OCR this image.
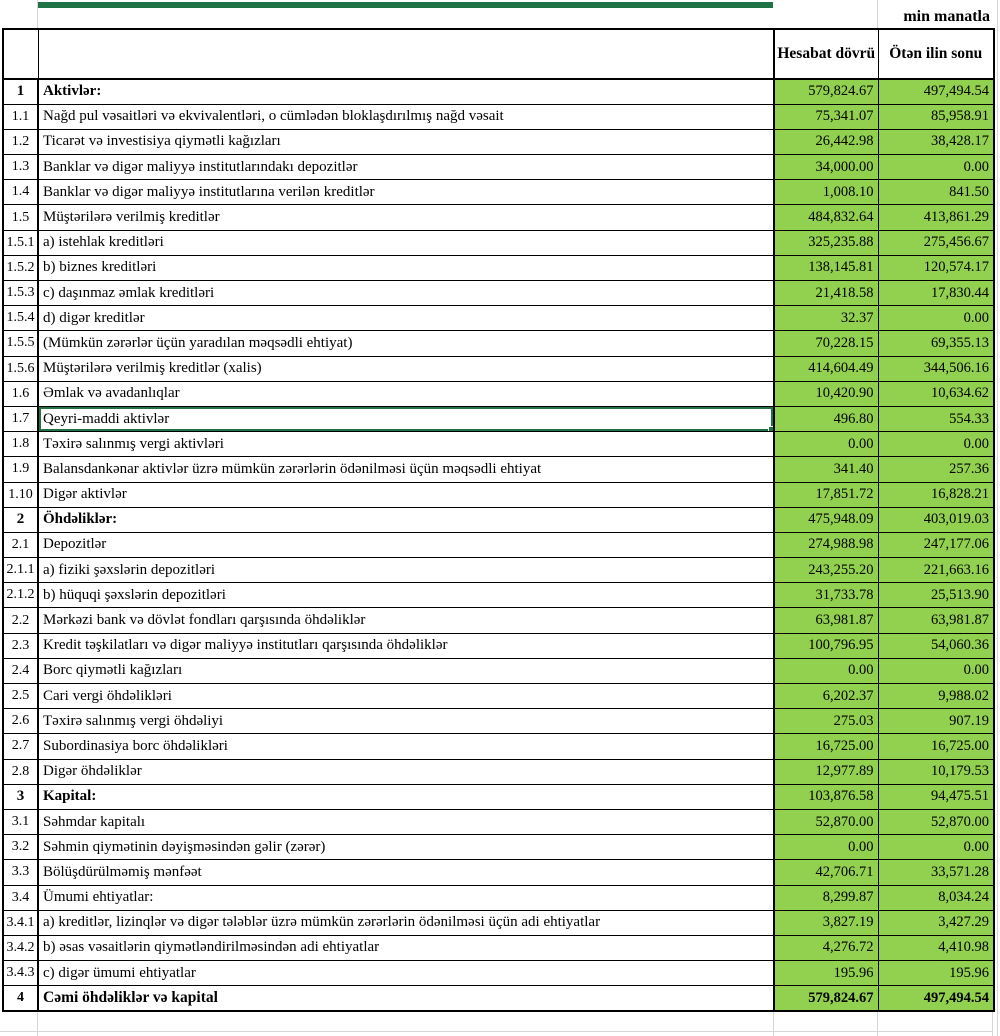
min manatla
		Hesabat dövrü	Ötən ilin sonu
1	Aktivlər:	579,824.67	497,494.54
1.1	Nağd pul vəsaitləri və ekvivalentləri, o cümlədən bloklaşdırılmış nağd vəsait	75,341.07	85,958.91
1.2	Ticarət və investisiya qiymətli kağızları	26,442.98	38,428.17
1.3	Banklar və digər maliyyə institutlarındakı depozitlər	34,000.00	0.00
1.4	Banklar və digər maliyyə institutlarına verilən kreditlər	1,008.10	841.50
1.5	Müştərilərə verilmiş kreditlər	484,832.64	413,861.29
1.5.1	a) istehlak kreditləri	325,235.88	275,456.67
1.5.2	b) biznes kreditləri	138,145.81	120,574.17
1.5.3	c) daşınmaz əmlak kreditləri	21,418.58	17,830.44
1.5.4	d) digər kreditlər	32.37	0.00
1.5.5	(Mümkün zərərlər üçün yaradılan məqsədli ehtiyat)	70,228.15	69,355.13
1.5.6	Müştərilərə verilmiş kreditlər (xalis)	414,604.49	344,506.16
1.6	Əmlak və avadanlıqlar	10,420.90	10,634.62
1.7	Qeyri-maddi aktivlər	496.80	554.33
1.8	Təxirə salınmış vergi aktivləri	0.00	0.00
1.9	Balansdankənar aktivlər üzrə mümkün zərərlərin ödənilməsi üçün məqsədli ehtiyat	341.40	257.36
1.10	Digər aktivlər	17,851.72	16,828.21
2	Öhdəliklər:	475,948.09	403,019.03
2.1	Depozitlər	274,988.98	247,177.06
2.1.1	a) fiziki şəxslərin depozitləri	243,255.20	221,663.16
2.1.2	b) hüquqi şəxslərin depozitləri	31,733.78	25,513.90
2.2	Mərkəzi bank və dövlət fondları qarşısında öhdəliklər	63,981.87	63,981.87
2.3	Kredit təşkilatları və digər maliyyə institutları qarşısında öhdəliklər	100,796.95	54,060.36
2.4	Borc qiymətli kağızları	0.00	0.00
2.5	Cari vergi öhdəlikləri	6,202.37	9,988.02
2.6	Təxirə salınmış vergi öhdəliyi	275.03	907.19
2.7	Subordinasiya borc öhdəlikləri	16,725.00	16,725.00
2.8	Digər öhdəliklər	12,977.89	10,179.53
3	Kapital:	103,876.58	94,475.51
3.1	Səhmdar kapitalı	52,870.00	52,870.00
3.2	Səhmin qiymətinin dəyişməsindən gəlir (zərər)	0.00	0.00
3.3	Bölüşdürülməmiş mənfəət	42,706.71	33,571.28
3.4	Ümumi ehtiyatlar:	8,299.87	8,034.24
3.4.1	a) kreditlər, lizinqlər və digər tələblər üzrə mümkün zərərlərin ödənilməsi üçün adi ehtiyatlar	3,827.19	3,427.29
3.4.2	b) əsas vəsaitlərin qiymətləndirilməsindən adi ehtiyatlar	4,276.72	4,410.98
3.4.3	c) digər ümumi ehtiyatlar	195.96	195.96
4	Cəmi öhdəliklər və kapital	579,824.67	497,494.54
